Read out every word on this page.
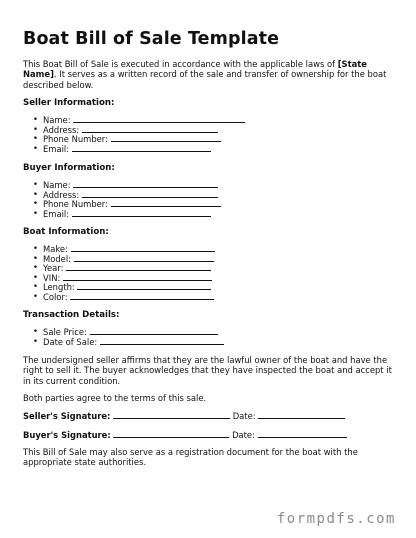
Boat Bill of Sale Template

This Boat Bill of Sale is executed in accordance with the applicable laws of [State Name]. It serves as a written record of the sale and transfer of ownership for the boat described below.

Seller Information:

• Name:
• Address:
• Phone Number:
• Email:

Buyer Information:

• Name:
• Address:
• Phone Number:
• Email:

Boat Information:

• Make:
• Model:
• Year:
• VIN:
• Length:
• Color:

Transaction Details:

• Sale Price:
• Date of Sale:

The undersigned seller affirms that they are the lawful owner of the boat and have the right to sell it. The buyer acknowledges that they have inspected the boat and accept it in its current condition.

Both parties agree to the terms of this sale.

Seller's Signature:	Date:
Buyer's Signature:	Date:

This Bill of Sale may also serve as a registration document for the boat with the appropriate state authorities.

formpdfs.com
